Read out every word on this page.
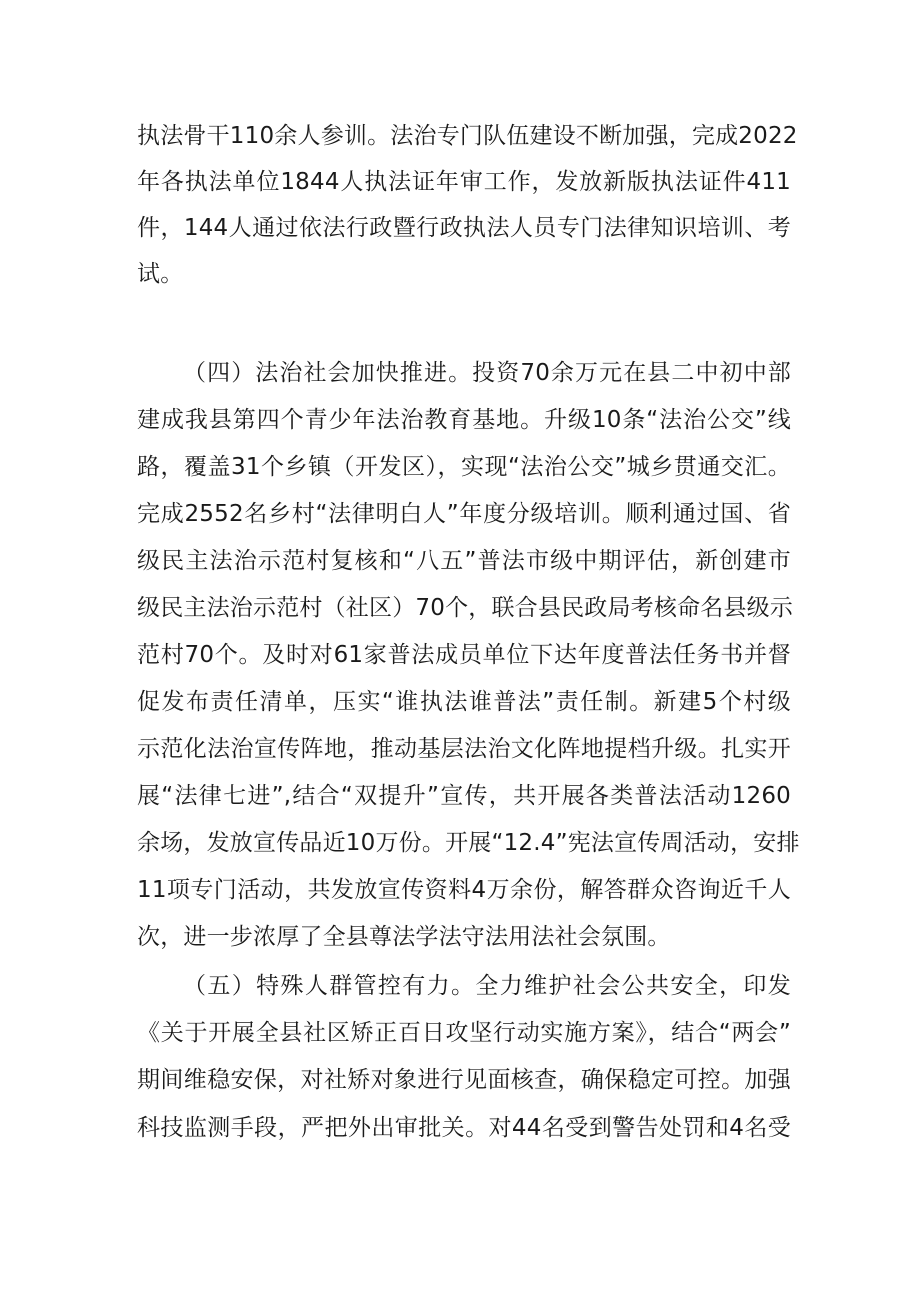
执法骨干110余人参训。法治专门队伍建设不断加强，完成2022
年各执法单位1844人执法证年审工作，发放新版执法证件411
件，144人通过依法行政暨行政执法人员专门法律知识培训、考
试。
（四）法治社会加快推进。投资70余万元在县二中初中部
建成我县第四个青少年法治教育基地。升级10条“法治公交”线
路，覆盖31个乡镇（开发区），实现“法治公交”城乡贯通交汇。
完成2552名乡村“法律明白人”年度分级培训。顺利通过国、省
级民主法治示范村复核和“八五”普法市级中期评估，新创建市
级民主法治示范村（社区）70个，联合县民政局考核命名县级示
范村70个。及时对61家普法成员单位下达年度普法任务书并督
促发布责任清单，压实“谁执法谁普法”责任制。新建5个村级
示范化法治宣传阵地，推动基层法治文化阵地提档升级。扎实开
展“法律七进”,结合“双提升”宣传，共开展各类普法活动1260
余场，发放宣传品近10万份。开展“12.4”宪法宣传周活动，安排
11项专门活动，共发放宣传资料4万余份，解答群众咨询近千人
次，进一步浓厚了全县尊法学法守法用法社会氛围。
（五）特殊人群管控有力。全力维护社会公共安全，印发
《关于开展全县社区矫正百日攻坚行动实施方案》，结合“两会”
期间维稳安保，对社矫对象进行见面核查，确保稳定可控。加强
科技监测手段，严把外出审批关。对44名受到警告处罚和4名受
